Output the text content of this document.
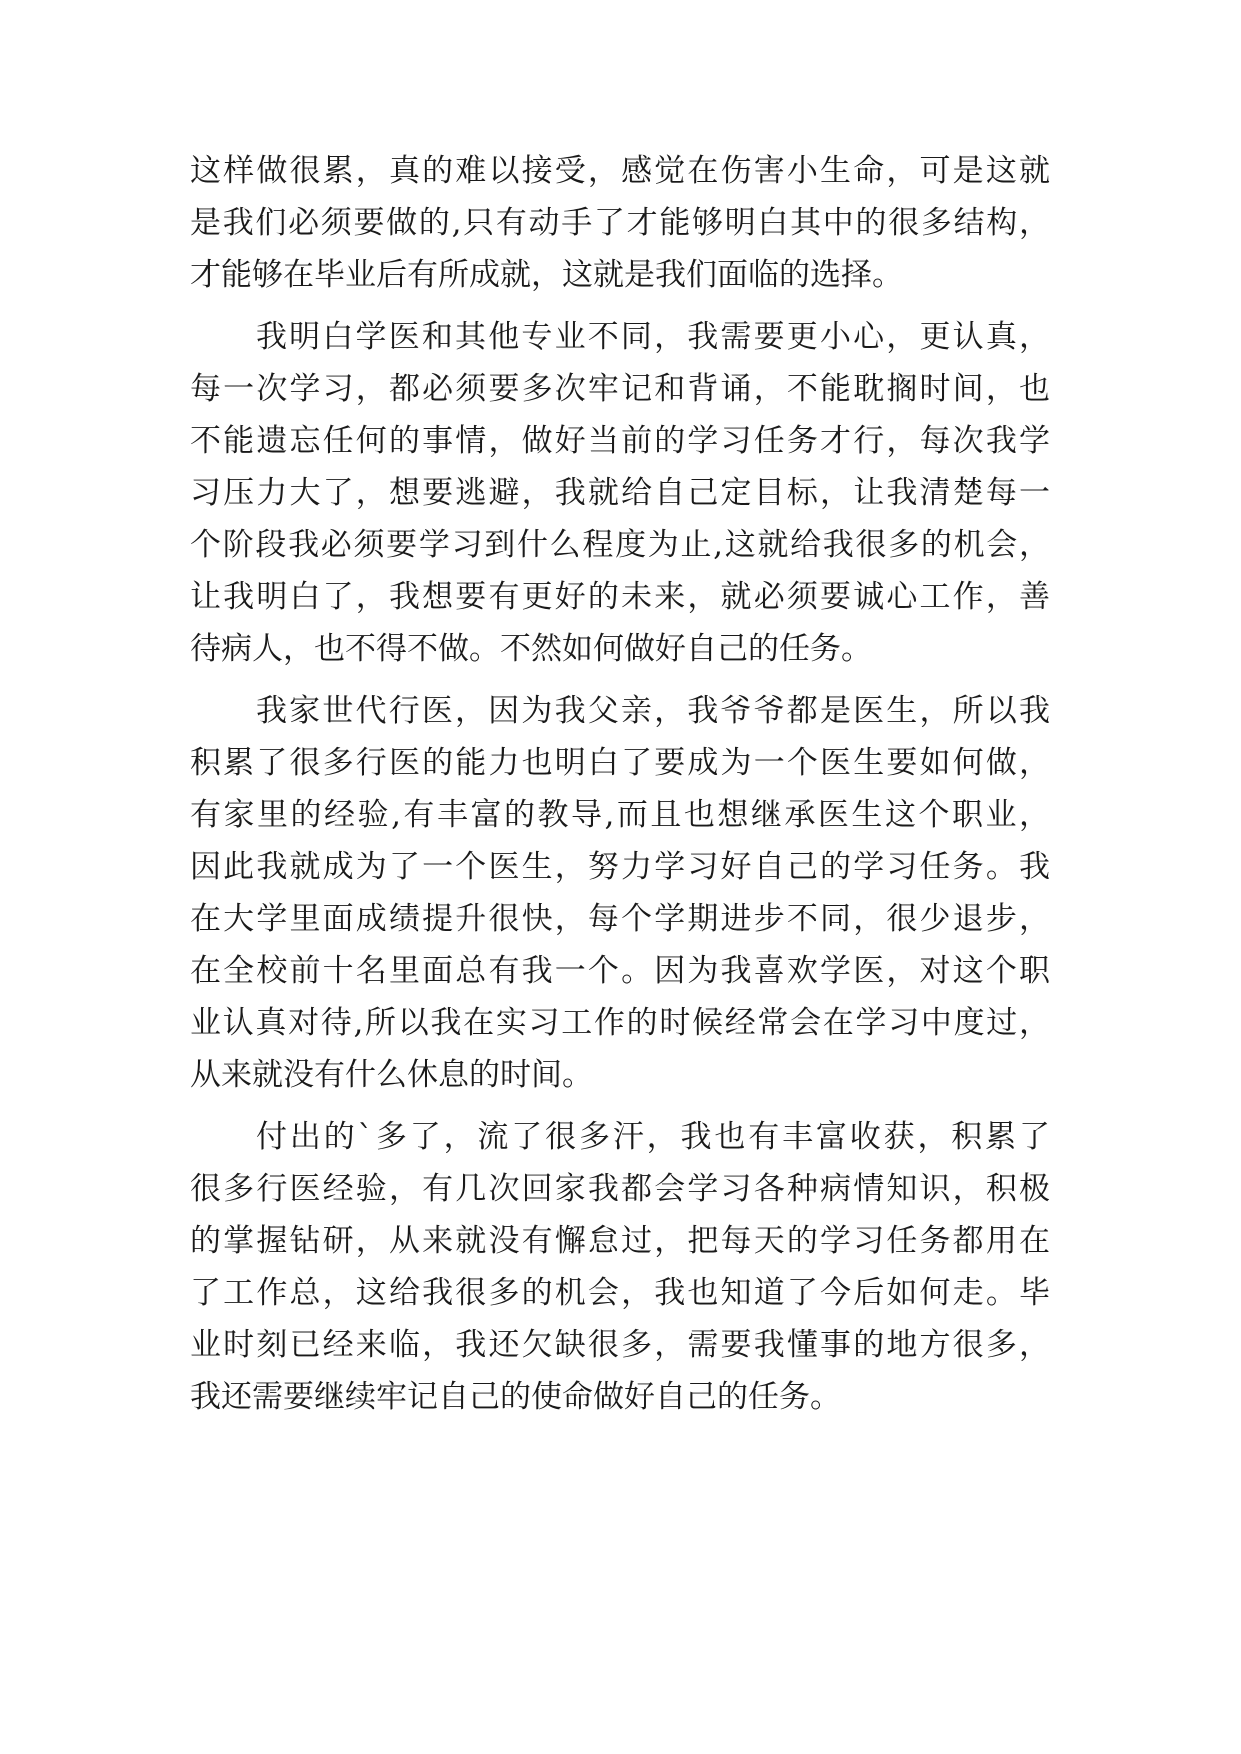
这样做很累，真的难以接受，感觉在伤害小生命，可是这就
是我们必须要做的,只有动手了才能够明白其中的很多结构，
才能够在毕业后有所成就，这就是我们面临的选择。
我明白学医和其他专业不同，我需要更小心，更认真，
每一次学习，都必须要多次牢记和背诵，不能耽搁时间，也
不能遗忘任何的事情，做好当前的学习任务才行，每次我学
习压力大了，想要逃避，我就给自己定目标，让我清楚每一
个阶段我必须要学习到什么程度为止,这就给我很多的机会，
让我明白了，我想要有更好的未来，就必须要诚心工作，善
待病人，也不得不做。不然如何做好自己的任务。
我家世代行医，因为我父亲，我爷爷都是医生，所以我
积累了很多行医的能力也明白了要成为一个医生要如何做，
有家里的经验,有丰富的教导,而且也想继承医生这个职业，
因此我就成为了一个医生，努力学习好自己的学习任务。我
在大学里面成绩提升很快，每个学期进步不同，很少退步，
在全校前十名里面总有我一个。因为我喜欢学医，对这个职
业认真对待,所以我在实习工作的时候经常会在学习中度过，
从来就没有什么休息的时间。
付出的`多了，流了很多汗，我也有丰富收获，积累了
很多行医经验，有几次回家我都会学习各种病情知识，积极
的掌握钻研，从来就没有懈怠过，把每天的学习任务都用在
了工作总，这给我很多的机会，我也知道了今后如何走。毕
业时刻已经来临，我还欠缺很多，需要我懂事的地方很多，
我还需要继续牢记自己的使命做好自己的任务。
